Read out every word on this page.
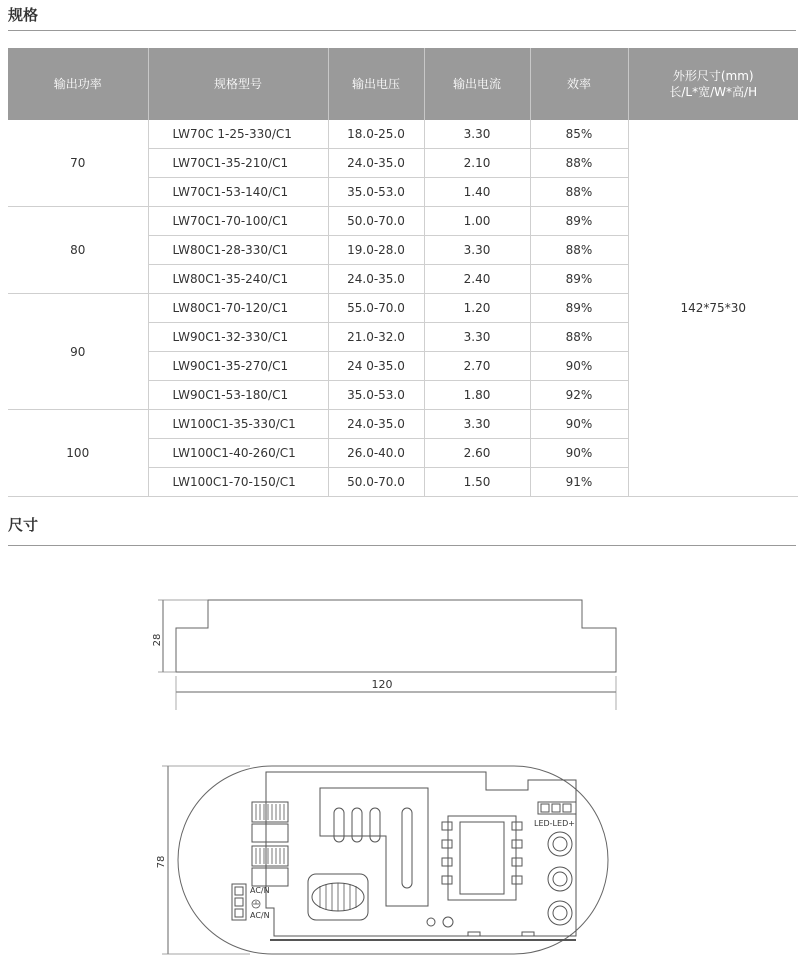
规格
输出功率	规格型号	输出电压	输出电流	效率	外形尺寸(mm)
长/L*宽/W*高/H
70	LW70C 1-25-330/C1	18.0-25.0	3.30	85%	142*75*30
	LW70C1-35-210/C1	24.0-35.0	2.10	88%	
	LW70C1-53-140/C1	35.0-53.0	1.40	88%	
80	LW70C1-70-100/C1	50.0-70.0	1.00	89%	
	LW80C1-28-330/C1	19.0-28.0	3.30	88%	
	LW80C1-35-240/C1	24.0-35.0	2.40	89%	
90	LW80C1-70-120/C1	55.0-70.0	1.20	89%	
	LW90C1-32-330/C1	21.0-32.0	3.30	88%	
	LW90C1-35-270/C1	24 0-35.0	2.70	90%	
	LW90C1-53-180/C1	35.0-53.0	1.80	92%	
100	LW100C1-35-330/C1	24.0-35.0	3.30	90%	
	LW100C1-40-260/C1	26.0-40.0	2.60	90%	
	LW100C1-70-150/C1	50.0-70.0	1.50	91%	
尺寸
28
120
78
AC/N
AC/N
LED-LED+
